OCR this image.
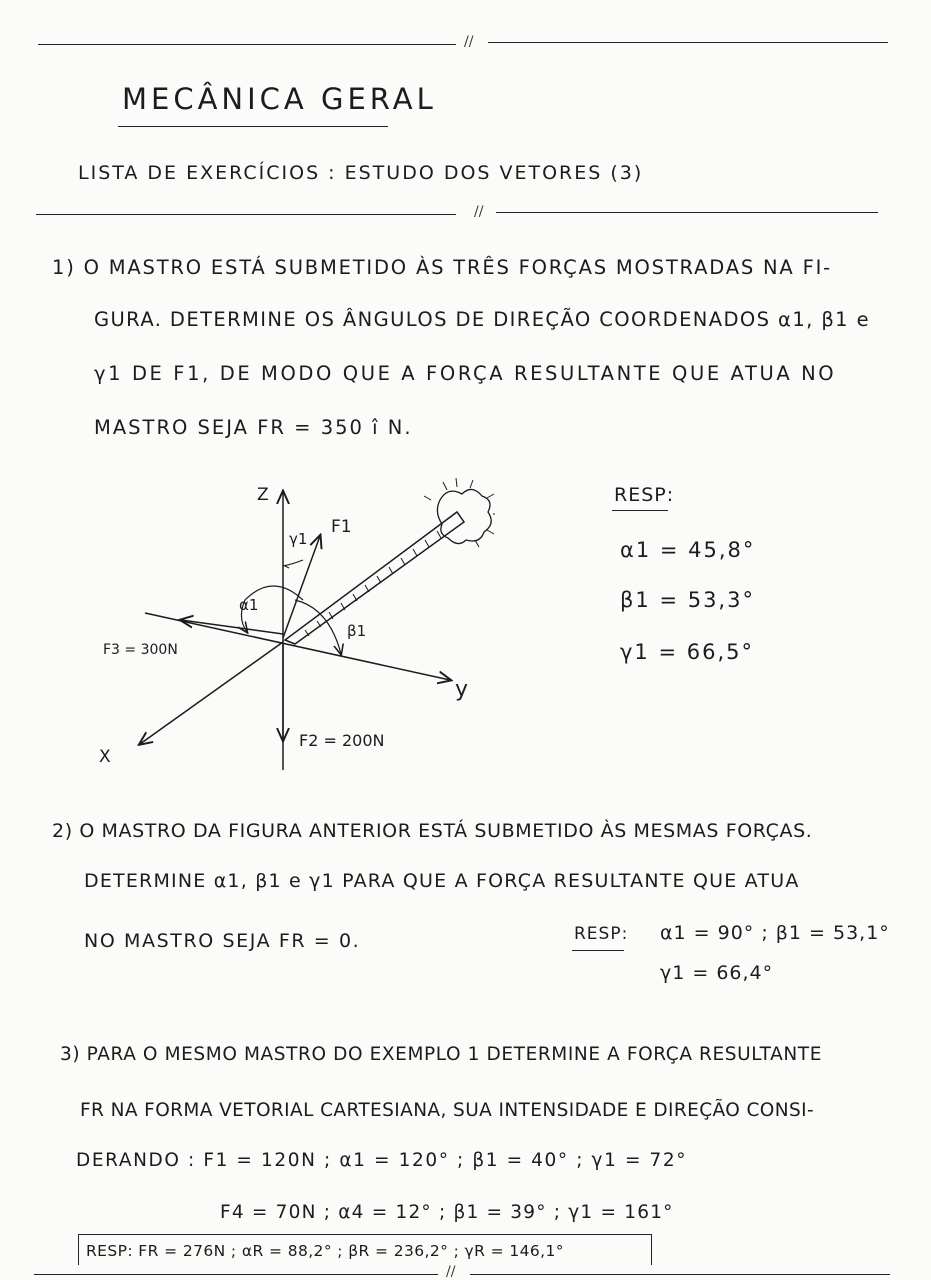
//
MECÂNICA GERAL
LISTA DE EXERCÍCIOS : ESTUDO DOS VETORES (3)
//
1) O MASTRO ESTÁ SUBMETIDO ÀS TRÊS FORÇAS MOSTRADAS NA FI-
GURA. DETERMINE OS ÂNGULOS DE DIREÇÃO COORDENADOS α1, β1 e
γ1 DE F1, DE MODO QUE A FORÇA RESULTANTE QUE ATUA NO
MASTRO SEJA FR = 350 î N.
Z
y
X
F1
F2 = 200N
F3 = 300N
α1
β1
γ1
RESP:
α1 = 45,8°
β1 = 53,3°
γ1 = 66,5°
2) O MASTRO DA FIGURA ANTERIOR ESTÁ SUBMETIDO ÀS MESMAS FORÇAS.
DETERMINE α1, β1 e γ1 PARA QUE A FORÇA RESULTANTE QUE ATUA
NO MASTRO SEJA FR = 0.	RESP: α1 = 90° ; β1 = 53,1°
γ1 = 66,4°
3) PARA O MESMO MASTRO DO EXEMPLO 1 DETERMINE A FORÇA RESULTANTE
FR NA FORMA VETORIAL CARTESIANA, SUA INTENSIDADE E DIREÇÃO CONSI-
DERANDO : F1 = 120N ; α1 = 120° ; β1 = 40° ; γ1 = 72°
F4 = 70N ; α4 = 12° ; β1 = 39° ; γ1 = 161°
RESP: FR = 276N ; αR = 88,2° ; βR = 236,2° ; γR = 146,1°
//
